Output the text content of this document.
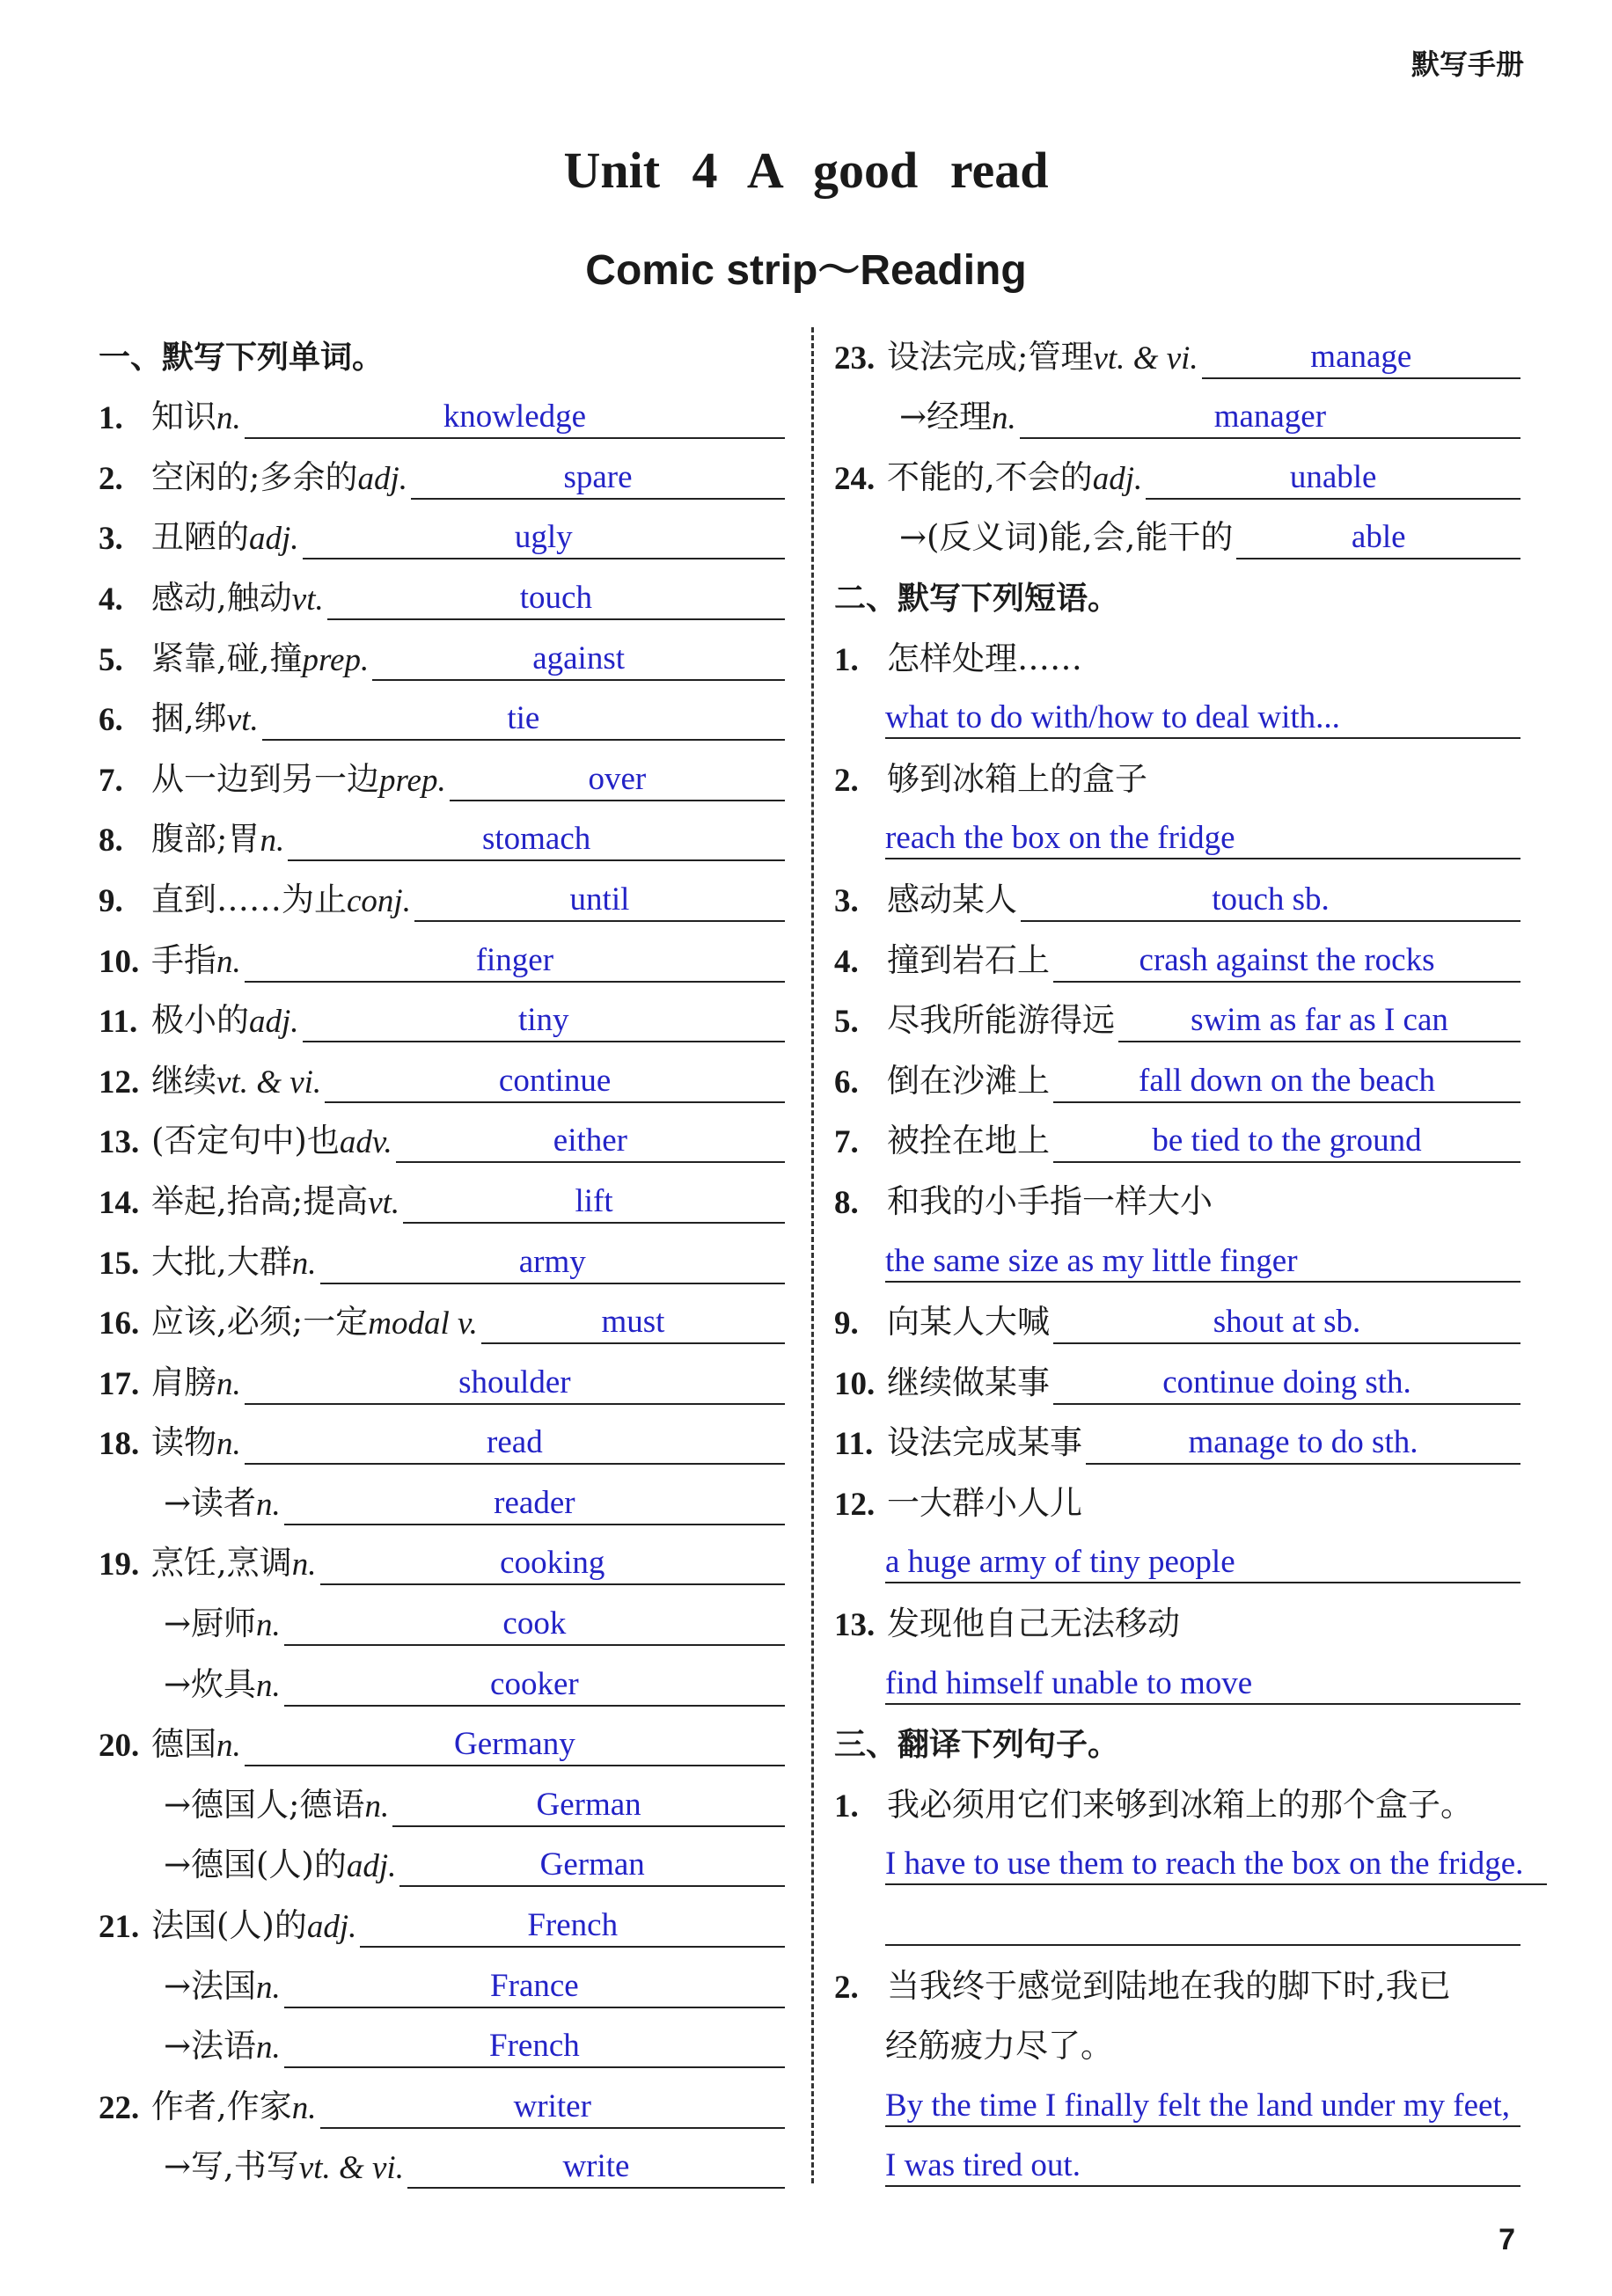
默写手册
Unit 4 A good read
Comic strip～Reading
一、默写下列单词。
1. 知识 n.	knowledge
2. 空闲的;多余的 adj.	spare
3. 丑陋的 adj.	ugly
4. 感动,触动 vt.	touch
5. 紧靠,碰,撞 prep.	against
6. 捆,绑 vt.	tie
7. 从一边到另一边 prep.	over
8. 腹部;胃 n.	stomach
9. 直到……为止 conj.	until
10. 手指 n.	finger
11. 极小的 adj.	tiny
12. 继续 vt. & vi.	continue
13. (否定句中)也 adv.	either
14. 举起,抬高;提高 vt.	lift
15. 大批,大群 n.	army
16. 应该,必须;一定 modal v.	must
17. 肩膀 n.	shoulder
18. 读物 n.	read
→读者 n.	reader
19. 烹饪,烹调 n.	cooking
→厨师 n.	cook
→炊具 n.	cooker
20. 德国 n.	Germany
→德国人;德语 n.	German
→德国(人)的 adj.	German
21. 法国(人)的 adj.	French
→法国 n.	France
→法语 n.	French
22. 作者,作家 n.	writer
→写,书写 vt. & vi.	write
23. 设法完成;管理 vt. & vi.	manage
→经理 n.	manager
24. 不能的,不会的 adj.	unable
→(反义词)能,会,能干的	able
二、默写下列短语。
1. 怎样处理……
what to do with/how to deal with...
2. 够到冰箱上的盒子
reach the box on the fridge
3. 感动某人	touch sb.
4. 撞到岩石上	crash against the rocks
5. 尽我所能游得远	swim as far as I can
6. 倒在沙滩上	fall down on the beach
7. 被拴在地上	be tied to the ground
8. 和我的小手指一样大小
the same size as my little finger
9. 向某人大喊	shout at sb.
10. 继续做某事	continue doing sth.
11. 设法完成某事	manage to do sth.
12. 一大群小人儿
a huge army of tiny people
13. 发现他自己无法移动
find himself unable to move
三、翻译下列句子。
1. 我必须用它们来够到冰箱上的那个盒子。
I have to use them to reach the box on the fridge.
2. 当我终于感觉到陆地在我的脚下时,我已
经筋疲力尽了。
By the time I finally felt the land under my feet,
I was tired out.
7
